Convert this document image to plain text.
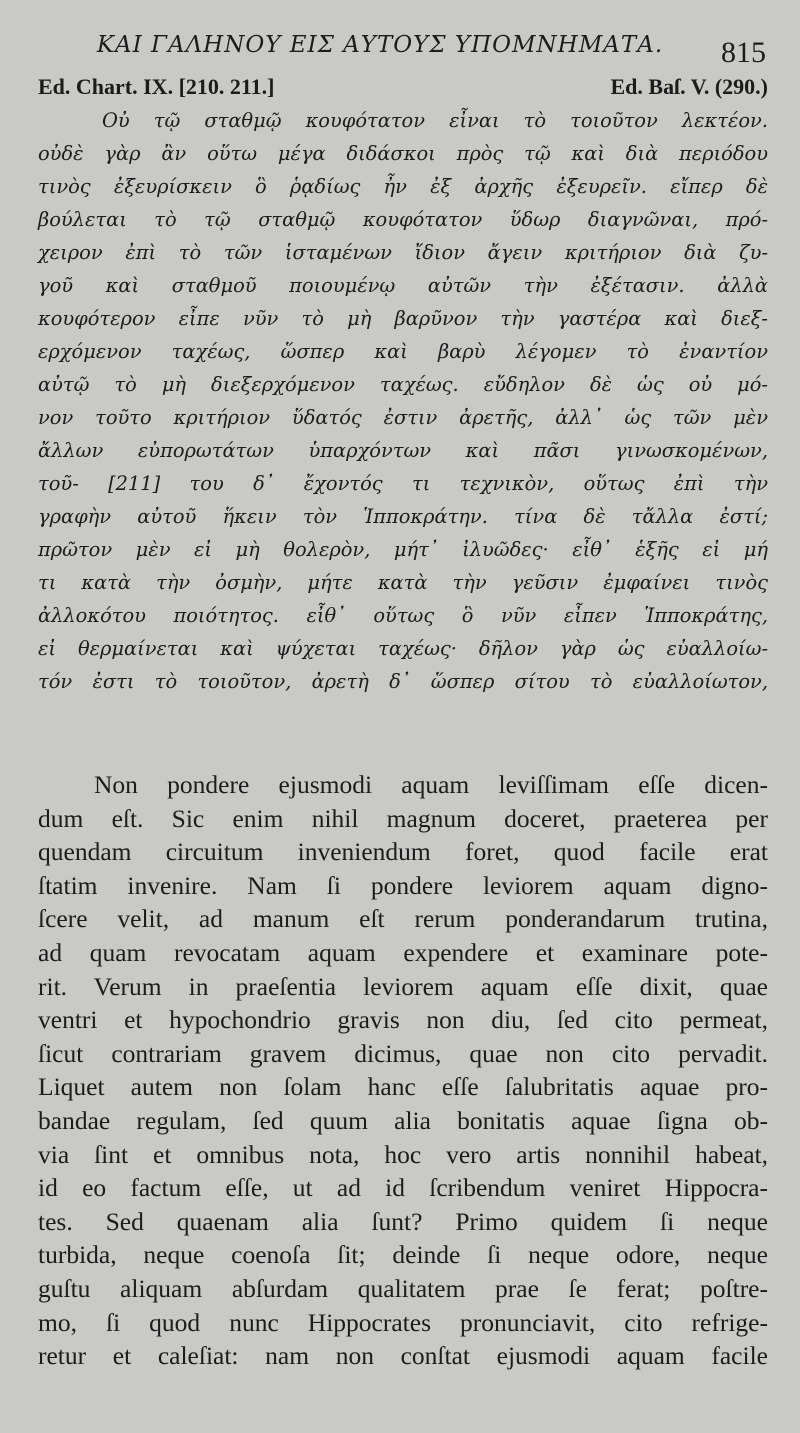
ΚΑΙ ΓΑΛΗΝΟΥ ΕΙΣ ΑΥΤΟΥΣ ΥΠΟΜΝΗΜΑΤΑ.	815
Ed. Chart. IX. [210. 211.]	Ed. Baſ. V. (290.)
Οὐ τῷ σταθμῷ κουφότατον εἶναι τὸ τοιοῦτον λεκτέον.
οὐδὲ γὰρ ἂν οὕτω μέγα διδάσκοι πρὸς τῷ καὶ διὰ περιόδου
τινὸς ἐξευρίσκειν ὃ ῥᾳδίως ἦν ἐξ ἀρχῆς ἐξευρεῖν. εἴπερ δὲ
βούλεται τὸ τῷ σταθμῷ κουφότατον ὕδωρ διαγνῶναι, πρό-
χειρον ἐπὶ τὸ τῶν ἱσταμένων ἴδιον ἄγειν κριτήριον διὰ ζυ-
γοῦ καὶ σταθμοῦ ποιουμένῳ αὐτῶν τὴν ἐξέτασιν. ἀλλὰ
κουφότερον εἶπε νῦν τὸ μὴ βαρῦνον τὴν γαστέρα καὶ διεξ-
ερχόμενον ταχέως, ὥσπερ καὶ βαρὺ λέγομεν τὸ ἐναντίον
αὐτῷ τὸ μὴ διεξερχόμενον ταχέως. εὔδηλον δὲ ὡς οὐ μό-
νον τοῦτο κριτήριον ὕδατός ἐστιν ἀρετῆς, ἀλλ᾽ ὡς τῶν μὲν
ἄλλων εὐπορωτάτων ὑπαρχόντων καὶ πᾶσι γινωσκομένων,
τοῦ- [211] του δ᾽ ἔχοντός τι τεχνικὸν, οὕτως ἐπὶ τὴν
γραφὴν αὐτοῦ ἥκειν τὸν Ἱπποκράτην. τίνα δὲ τἄλλα ἐστί;
πρῶτον μὲν εἰ μὴ θολερὸν, μήτ᾽ ἰλυῶδες· εἶθ᾽ ἑξῆς εἰ μή
τι κατὰ τὴν ὀσμὴν, μήτε κατὰ τὴν γεῦσιν ἐμφαίνει τινὸς
ἀλλοκότου ποιότητος. εἶθ᾽ οὕτως ὃ νῦν εἶπεν Ἱπποκράτης,
εἰ θερμαίνεται καὶ ψύχεται ταχέως· δῆλον γὰρ ὡς εὐαλλοίω-
τόν ἐστι τὸ τοιοῦτον, ἀρετὴ δ᾽ ὥσπερ σίτου τὸ εὐαλλοίωτον,
Non pondere ejusmodi aquam leviſſimam eſſe dicen-
dum eſt. Sic enim nihil magnum doceret, praeterea per
quendam circuitum inveniendum foret, quod facile erat
ſtatim invenire. Nam ſi pondere leviorem aquam digno-
ſcere velit, ad manum eſt rerum ponderandarum trutina,
ad quam revocatam aquam expendere et examinare pote-
rit. Verum in praeſentia leviorem aquam eſſe dixit, quae
ventri et hypochondrio gravis non diu, ſed cito permeat,
ſicut contrariam gravem dicimus, quae non cito pervadit.
Liquet autem non ſolam hanc eſſe ſalubritatis aquae pro-
bandae regulam, ſed quum alia bonitatis aquae ſigna ob-
via ſint et omnibus nota, hoc vero artis nonnihil habeat,
id eo factum eſſe, ut ad id ſcribendum veniret Hippocra-
tes. Sed quaenam alia ſunt? Primo quidem ſi neque
turbida, neque coenoſa ſit; deinde ſi neque odore, neque
guſtu aliquam abſurdam qualitatem prae ſe ferat; poſtre-
mo, ſi quod nunc Hippocrates pronunciavit, cito refrige-
retur et caleſiat: nam non conſtat ejusmodi aquam facile
